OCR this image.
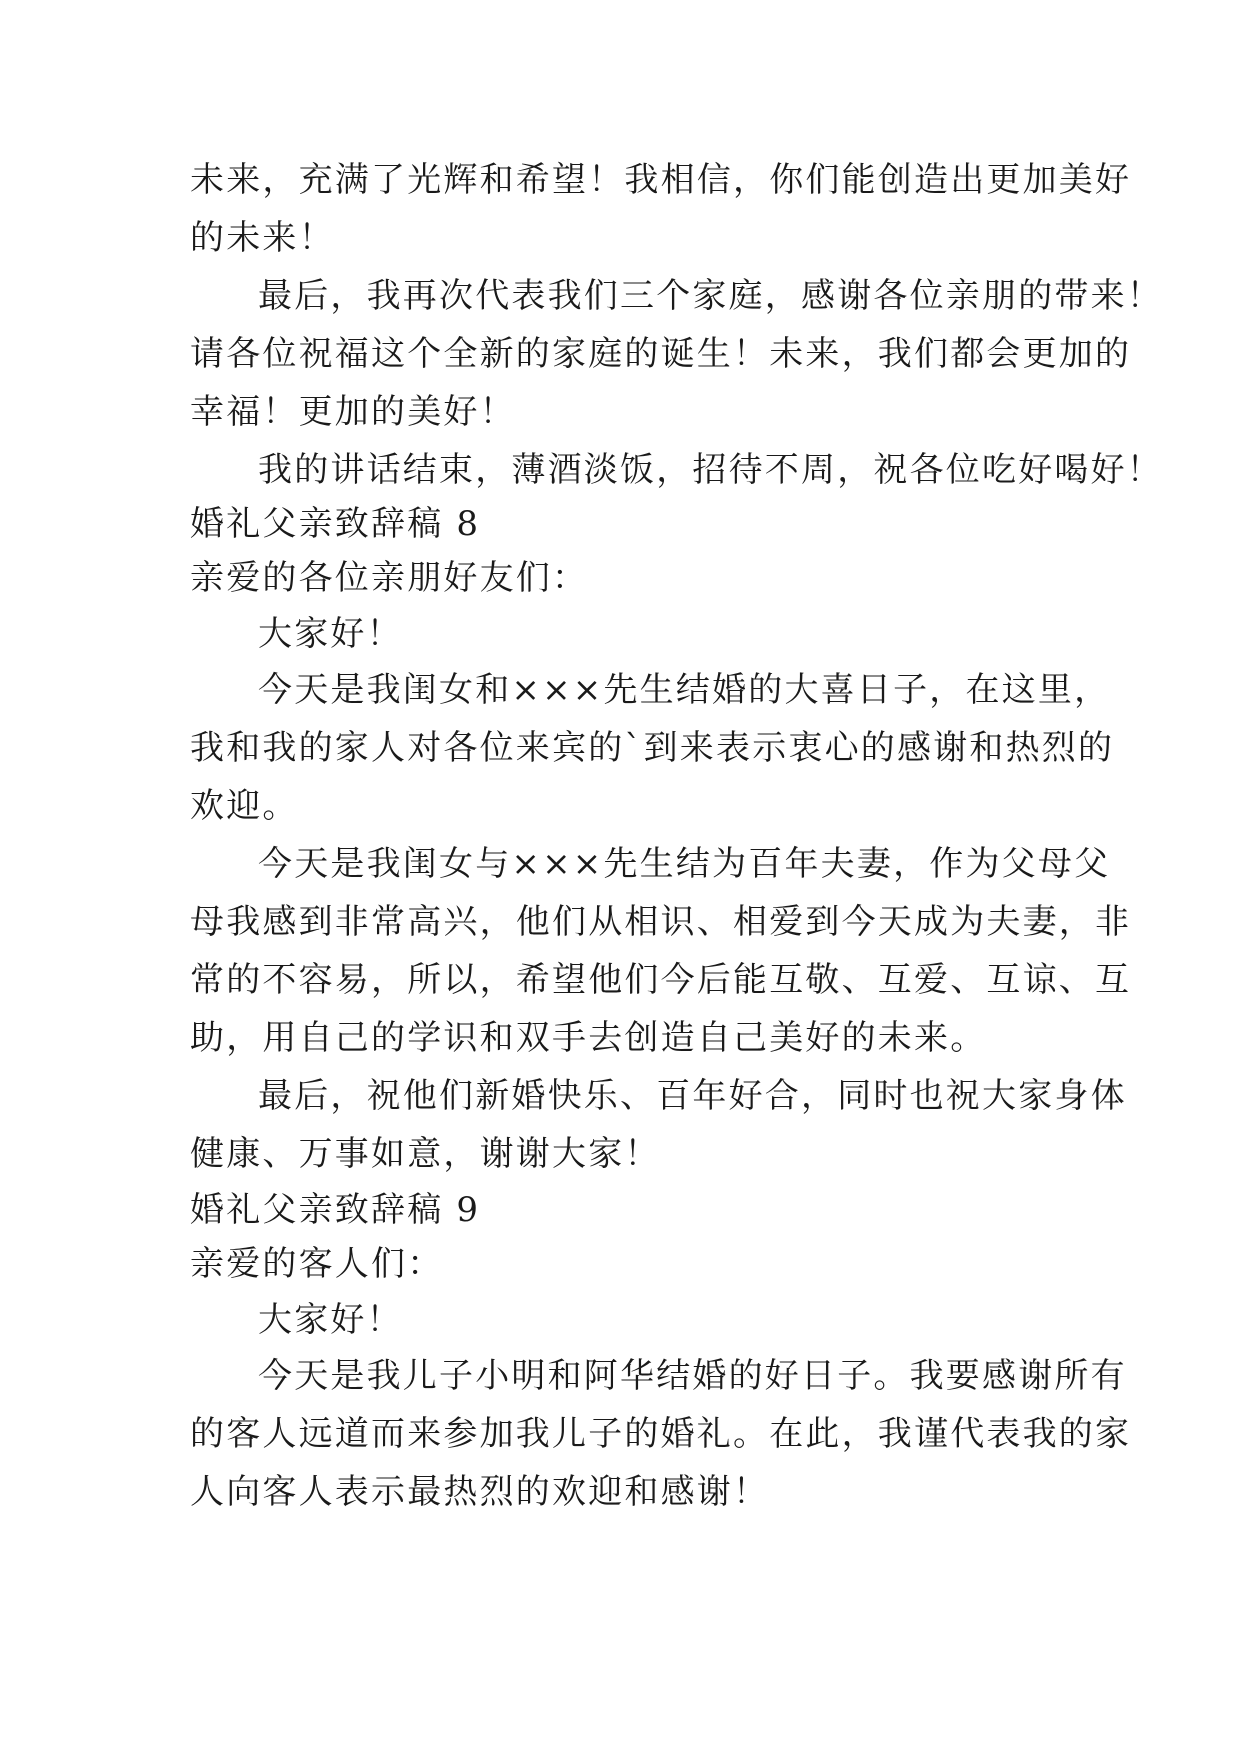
未来，充满了光辉和希望！我相信，你们能创造出更加美好
的未来！
最后，我再次代表我们三个家庭，感谢各位亲朋的带来！
请各位祝福这个全新的家庭的诞生！未来，我们都会更加的
幸福！更加的美好！
我的讲话结束，薄酒淡饭，招待不周，祝各位吃好喝好！
婚礼父亲致辞稿 8
亲爱的各位亲朋好友们：
大家好！
今天是我闺女和×××先生结婚的大喜日子，在这里，
我和我的家人对各位来宾的`到来表示衷心的感谢和热烈的
欢迎。
今天是我闺女与×××先生结为百年夫妻，作为父母父
母我感到非常高兴，他们从相识、相爱到今天成为夫妻，非
常的不容易，所以，希望他们今后能互敬、互爱、互谅、互
助，用自己的学识和双手去创造自己美好的未来。
最后，祝他们新婚快乐、百年好合，同时也祝大家身体
健康、万事如意，谢谢大家！
婚礼父亲致辞稿 9
亲爱的客人们：
大家好！
今天是我儿子小明和阿华结婚的好日子。我要感谢所有
的客人远道而来参加我儿子的婚礼。在此，我谨代表我的家
人向客人表示最热烈的欢迎和感谢！
